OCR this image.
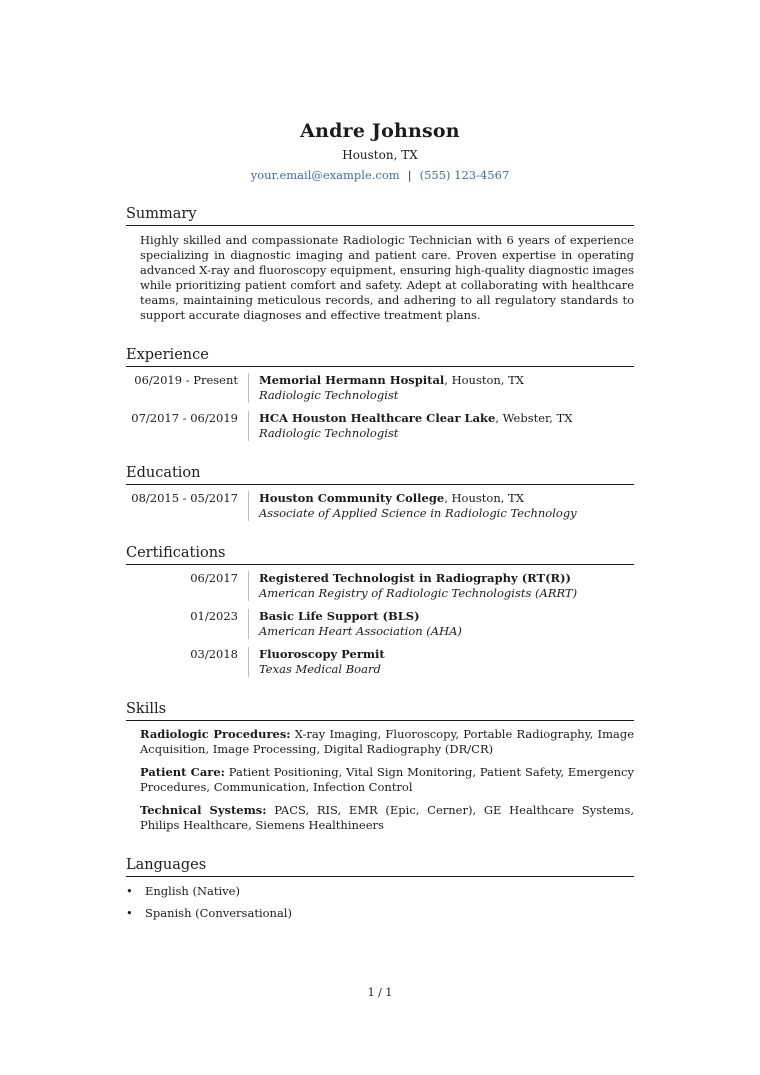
Andre Johnson
Houston, TX
your.email@example.com | (555) 123-4567
Summary
Highly skilled and compassionate Radiologic Technician with 6 years of experience specializing in diagnostic imaging and patient care. Proven expertise in operating advanced X-ray and fluoroscopy equipment, ensuring high-quality diagnostic images while prioritizing patient comfort and safety. Adept at collaborating with healthcare teams, maintaining meticulous records, and adhering to all regulatory standards to support accurate diagnoses and effective treatment plans.
Experience
06/2019 - Present	Memorial Hermann Hospital, Houston, TX
Radiologic Technologist
07/2017 - 06/2019	HCA Houston Healthcare Clear Lake, Webster, TX
Radiologic Technologist
Education
08/2015 - 05/2017	Houston Community College, Houston, TX
Associate of Applied Science in Radiologic Technology
Certifications
06/2017	Registered Technologist in Radiography (RT(R))
American Registry of Radiologic Technologists (ARRT)
01/2023	Basic Life Support (BLS)
American Heart Association (AHA)
03/2018	Fluoroscopy Permit
Texas Medical Board
Skills
Radiologic Procedures: X-ray Imaging, Fluoroscopy, Portable Radiography, Image Acquisition, Image Processing, Digital Radiography (DR/CR)
Patient Care: Patient Positioning, Vital Sign Monitoring, Patient Safety, Emergency Procedures, Communication, Infection Control
Technical Systems: PACS, RIS, EMR (Epic, Cerner), GE Healthcare Systems, Philips Healthcare, Siemens Healthineers
Languages
•	English (Native)
•	Spanish (Conversational)
1 / 1
